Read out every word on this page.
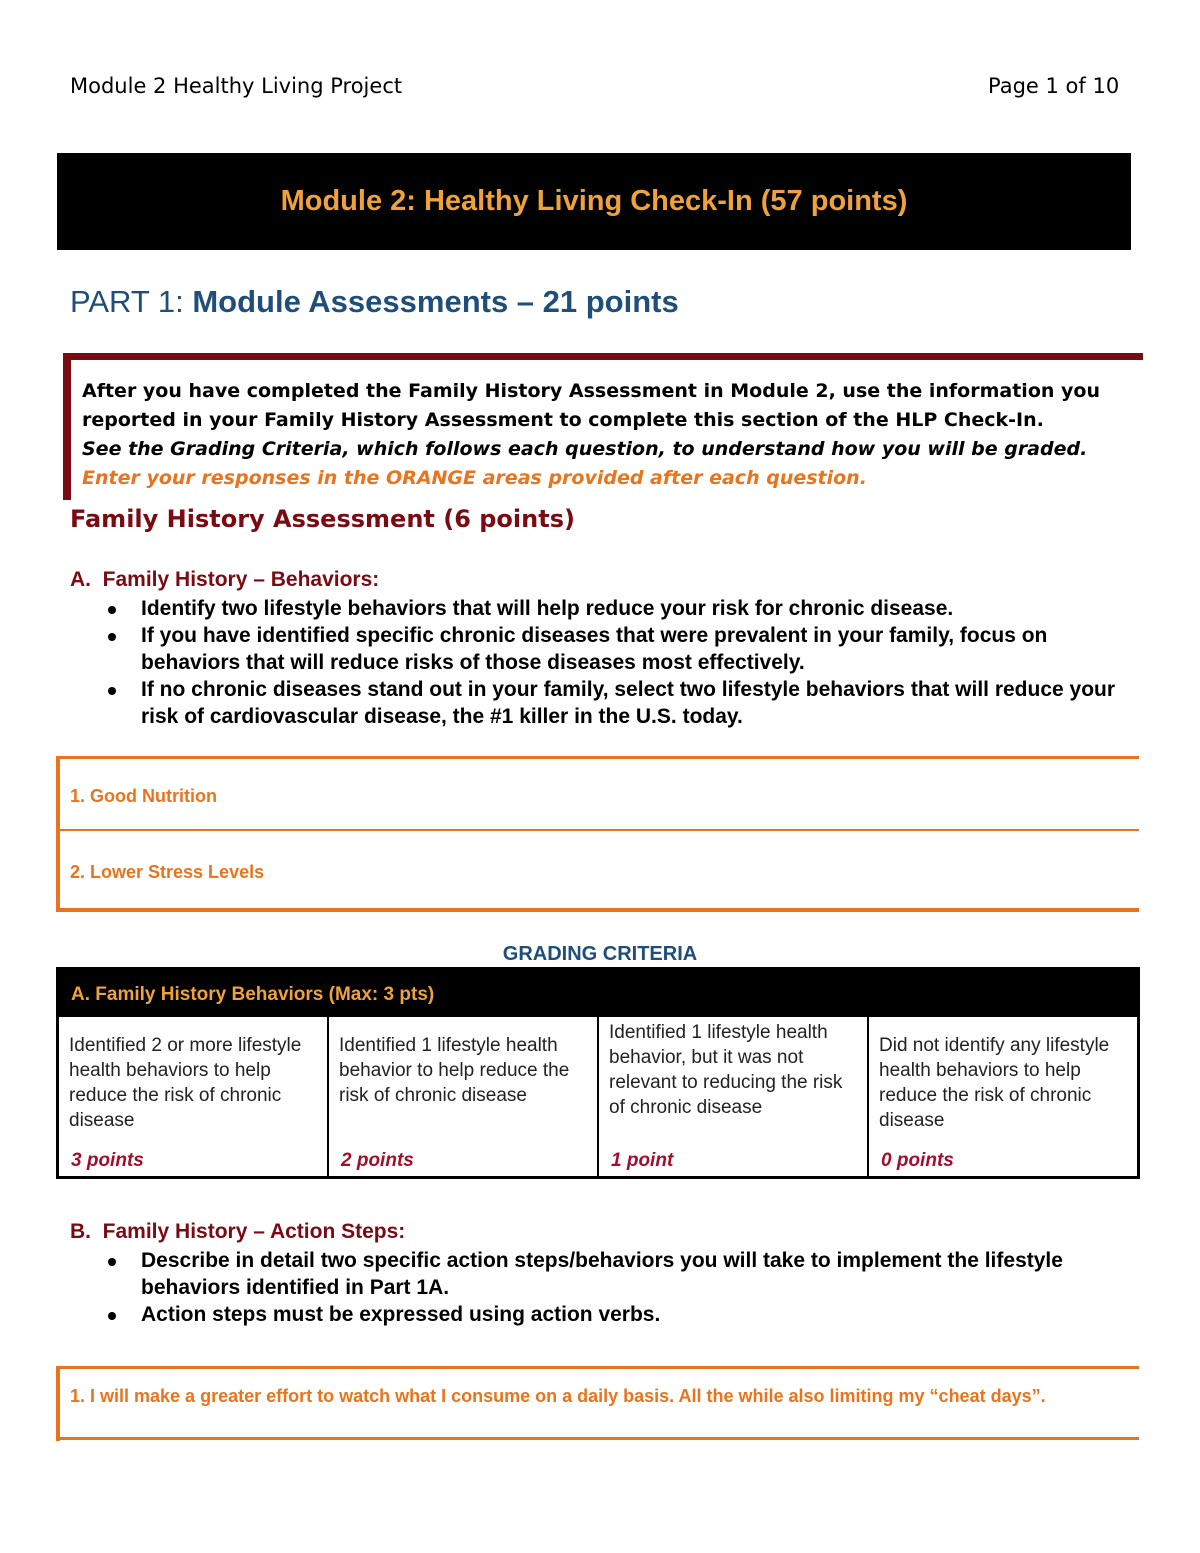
Module 2 Healthy Living Project	Page 1 of 10
Module 2: Healthy Living Check-In (57 points)
PART 1: Module Assessments – 21 points
After you have completed the Family History Assessment in Module 2, use the information you reported in your Family History Assessment to complete this section of the HLP Check-In.
See the Grading Criteria, which follows each question, to understand how you will be graded.  Enter your responses in the ORANGE areas provided after each question.
Family History Assessment (6 points)
A. Family History – Behaviors:
Identify two lifestyle behaviors that will help reduce your risk for chronic disease.
If you have identified specific chronic diseases that were prevalent in your family, focus on behaviors that will reduce risks of those diseases most effectively.
If no chronic diseases stand out in your family, select two lifestyle behaviors that will reduce your risk of cardiovascular disease, the #1 killer in the U.S. today.
1. Good Nutrition
2. Lower Stress Levels
GRADING CRITERIA
A. Family History Behaviors (Max: 3 pts)
Identified 2 or more lifestyle health behaviors to help reduce the risk of chronic disease
3 points
Identified 1 lifestyle health behavior to help reduce the risk of chronic disease
2 points
Identified 1 lifestyle health behavior, but it was not relevant to reducing the risk of chronic disease
1 point
Did not identify any lifestyle health behaviors to help reduce the risk of chronic disease
0 points
B. Family History – Action Steps:
Describe in detail two specific action steps/behaviors you will take to implement the lifestyle behaviors identified in Part 1A.
Action steps must be expressed using action verbs.
1. I will make a greater effort to watch what I consume on a daily basis. All the while also limiting my “cheat days”.
